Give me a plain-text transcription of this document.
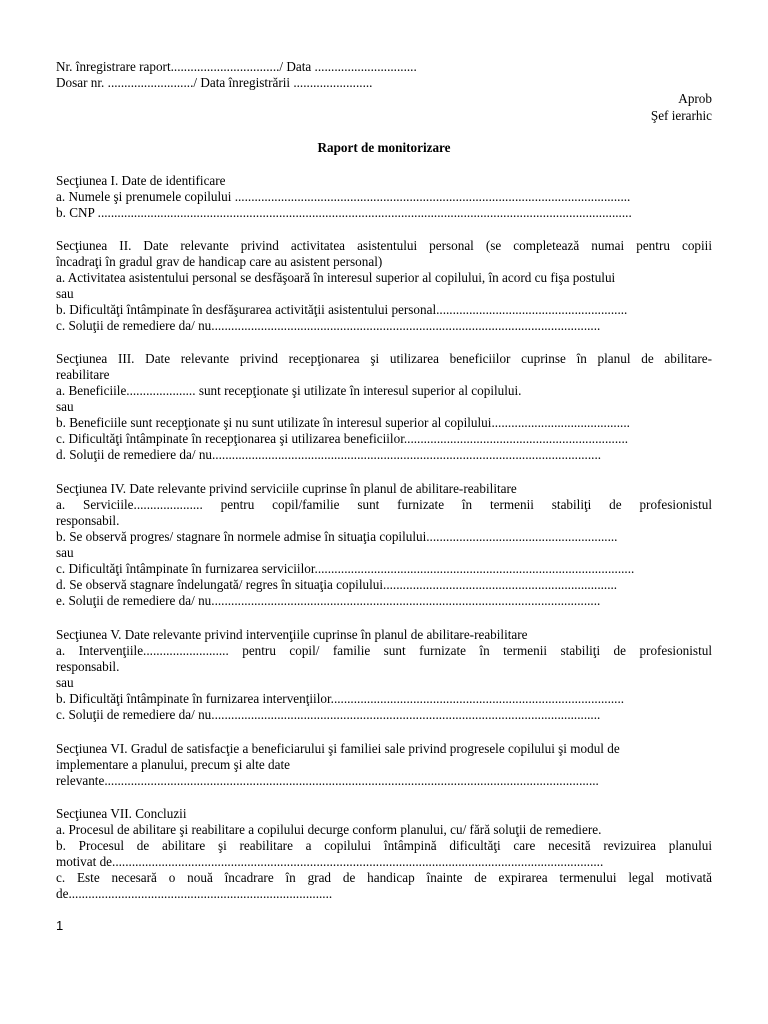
Nr. înregistrare raport................................./ Data ...............................
Dosar nr. ........................../ Data înregistrării ........................
Aprob
Şef ierarhic
Raport de monitorizare
Secţiunea I. Date de identificare
a. Numele şi prenumele copilului ........................................................................................................................
b. CNP ..................................................................................................................................................................
Secţiunea II. Date relevante privind activitatea asistentului personal (se completează numai pentru copiii
încadraţi în gradul grav de handicap care au asistent personal)
a. Activitatea asistentului personal se desfăşoară în interesul superior al copilului, în acord cu fişa postului
sau
b. Dificultăţi întâmpinate în desfăşurarea activităţii asistentului personal..........................................................
c. Soluţii de remediere da/ nu......................................................................................................................
Secţiunea III. Date relevante privind recepţionarea şi utilizarea beneficiilor cuprinse în planul de abilitare-
reabilitare
a. Beneficiile..................... sunt recepţionate şi utilizate în interesul superior al copilului.
sau
b. Beneficiile sunt recepţionate şi nu sunt utilizate în interesul superior al copilului..........................................
c. Dificultăţi întâmpinate în recepţionarea şi utilizarea beneficiilor....................................................................
d. Soluţii de remediere da/ nu......................................................................................................................
Secţiunea IV. Date relevante privind serviciile cuprinse în planul de abilitare-reabilitare
a. Serviciile..................... pentru copil/familie sunt furnizate în termenii stabiliţi de profesionistul
responsabil.
b. Se observă progres/ stagnare în normele admise în situaţia copilului..........................................................
sau
c. Dificultăţi întâmpinate în furnizarea serviciilor.................................................................................................
d. Se observă stagnare îndelungată/ regres în situaţia copilului.......................................................................
e. Soluţii de remediere da/ nu......................................................................................................................
Secţiunea V. Date relevante privind intervenţiile cuprinse în planul de abilitare-reabilitare
a. Intervenţiile.......................... pentru copil/ familie sunt furnizate în termenii stabiliţi de profesionistul
responsabil.
sau
b. Dificultăţi întâmpinate în furnizarea intervenţiilor.........................................................................................
c. Soluţii de remediere da/ nu......................................................................................................................
Secţiunea VI. Gradul de satisfacţie a beneficiarului şi familiei sale privind progresele copilului şi modul de
implementare a planului, precum şi alte date
relevante......................................................................................................................................................
Secţiunea VII. Concluzii
a. Procesul de abilitare şi reabilitare a copilului decurge conform planului, cu/ fără soluţii de remediere.
b. Procesul de abilitare şi reabilitare a copilului întâmpină dificultăţi care necesită revizuirea planului
motivat de.....................................................................................................................................................
c. Este necesară o nouă încadrare în grad de handicap înainte de expirarea termenului legal motivată
de................................................................................
1
